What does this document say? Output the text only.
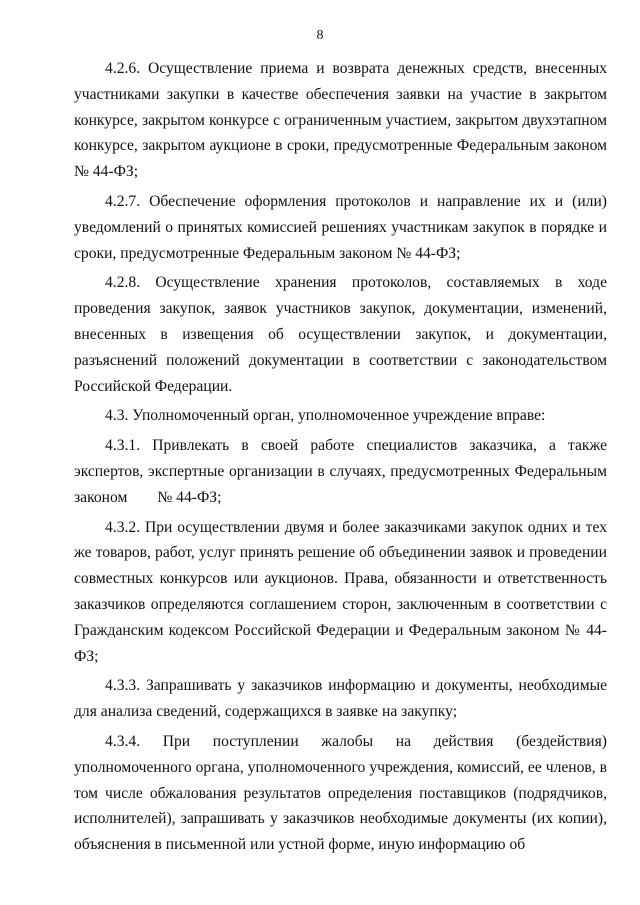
8

4.2.6. Осуществление приема и возврата денежных средств, внесенных участниками закупки в качестве обеспечения заявки на участие в закрытом конкурсе, закрытом конкурсе с ограниченным участием, закрытом двухэтапном конкурсе, закрытом аукционе в сроки, предусмотренные Федеральным законом № 44-ФЗ;

4.2.7. Обеспечение оформления протоколов и направление их и (или) уведомлений о принятых комиссией решениях участникам закупок в порядке и сроки, предусмотренные Федеральным законом № 44-ФЗ;

4.2.8. Осуществление хранения протоколов, составляемых в ходе проведения закупок, заявок участников закупок, документации, изменений, внесенных в извещения об осуществлении закупок, и документации, разъяснений положений документации в соответствии с законодательством Российской Федерации.

4.3. Уполномоченный орган, уполномоченное учреждение вправе:

4.3.1. Привлекать в своей работе специалистов заказчика, а также экспертов, экспертные организации в случаях, предусмотренных Федеральным законом № 44-ФЗ;

4.3.2. При осуществлении двумя и более заказчиками закупок одних и тех же товаров, работ, услуг принять решение об объединении заявок и проведении совместных конкурсов или аукционов. Права, обязанности и ответственность заказчиков определяются соглашением сторон, заключенным в соответствии с Гражданским кодексом Российской Федерации и Федеральным законом № 44-ФЗ;

4.3.3. Запрашивать у заказчиков информацию и документы, необходимые для анализа сведений, содержащихся в заявке на закупку;

4.3.4. При поступлении жалобы на действия (бездействия) уполномоченного органа, уполномоченного учреждения, комиссий, ее членов, в том числе обжалования результатов определения поставщиков (подрядчиков, исполнителей), запрашивать у заказчиков необходимые документы (их копии), объяснения в письменной или устной форме, иную информацию об
